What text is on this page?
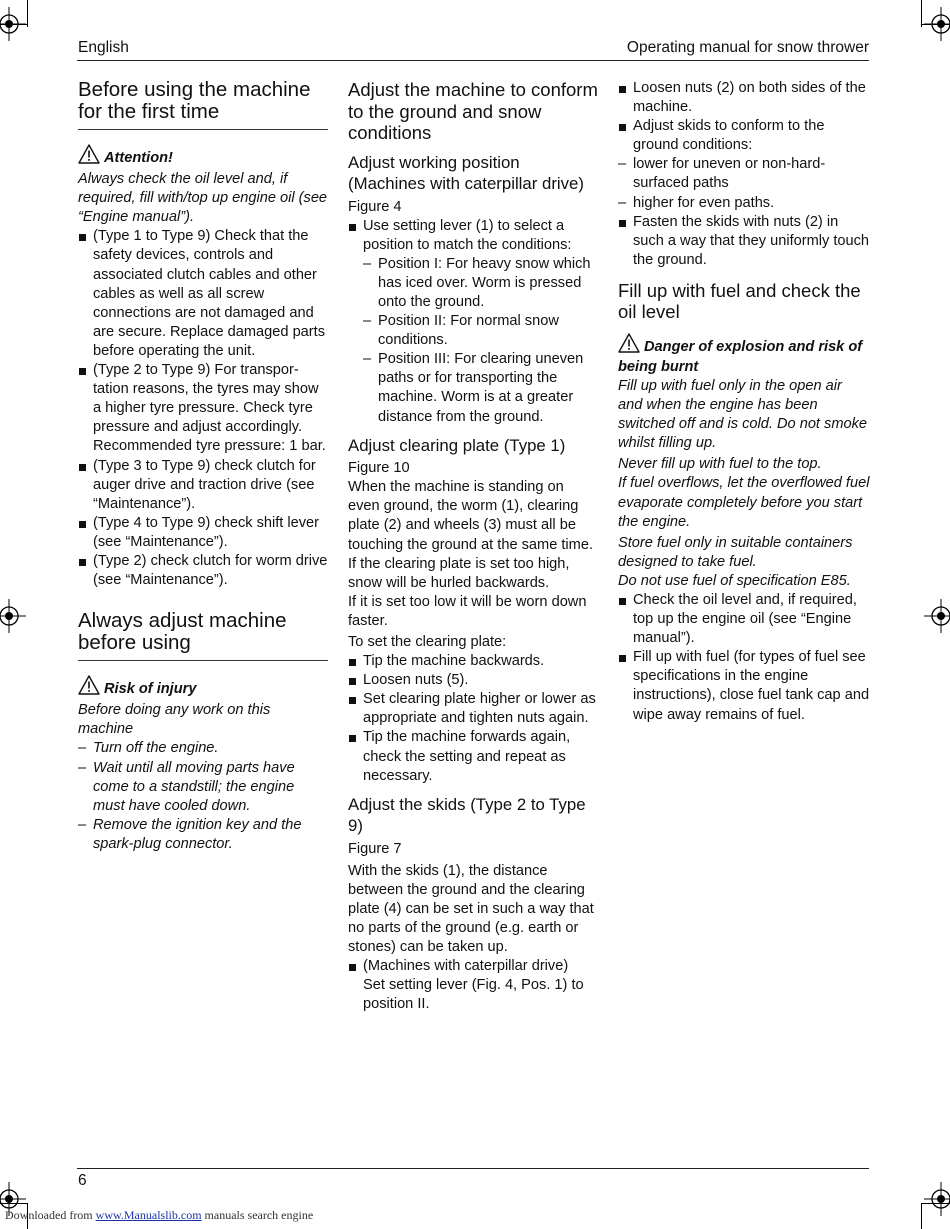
English	Operating manual for snow thrower
Before using the machine for the first time

Attention!

Always check the oil level and, if required, fill with/top up engine oil (see “Engine manual”).

(Type 1 to Type 9) Check that the safety devices, controls and associated clutch cables and other cables as well as all screw connections are not damaged and are secure. Replace damaged parts before operating the unit.
(Type 2 to Type 9) For transpor-tation reasons, the tyres may show a higher tyre pressure. Check tyre pressure and adjust accordingly. Recommended tyre pressure: 1 bar.
(Type 3 to Type 9) check clutch for auger drive and traction drive (see “Maintenance”).
(Type 4 to Type 9) check shift lever (see “Maintenance”).
(Type 2) check clutch for worm drive (see “Maintenance”).
Always adjust machine before using

Risk of injury

Before doing any work on this machine

– Turn off the engine.
– Wait until all moving parts have come to a standstill; the engine must have cooled down.
– Remove the ignition key and the spark-plug connector.
Adjust the machine to conform to the ground and snow conditions
Adjust working position (Machines with caterpillar drive)

Figure 4

Use setting lever (1) to select a position to match the conditions:
– Position I: For heavy snow which has iced over. Worm is pressed onto the ground.
– Position II: For normal snow conditions.
– Position III: For clearing uneven paths or for transporting the machine. Worm is at a greater distance from the ground.
Adjust clearing plate (Type 1)

Figure 10

When the machine is standing on even ground, the worm (1), clearing plate (2) and wheels (3) must all be touching the ground at the same time. If the clearing plate is set too high, snow will be hurled backwards.

If it is set too low it will be worn down faster.

To set the clearing plate:

Tip the machine backwards.
Loosen nuts (5).
Set clearing plate higher or lower as appropriate and tighten nuts again.
Tip the machine forwards again, check the setting and repeat as necessary.
Adjust the skids (Type 2 to Type 9)

Figure 7

With the skids (1), the distance between the ground and the clearing plate (4) can be set in such a way that no parts of the ground (e.g. earth or stones) can be taken up.

(Machines with caterpillar drive)
Set setting lever (Fig. 4, Pos. 1) to position II.
Loosen nuts (2) on both sides of the machine.
Adjust skids to conform to the ground conditions:
– lower for uneven or non-hard-surfaced paths
– higher for even paths.
Fasten the skids with nuts (2) in such a way that they uniformly touch the ground.
Fill up with fuel and check the oil level

Danger of explosion and risk of being burnt

Fill up with fuel only in the open air and when the engine has been switched off and is cold. Do not smoke whilst filling up.

Never fill up with fuel to the top.

If fuel overflows, let the overflowed fuel evaporate completely before you start the engine.

Store fuel only in suitable containers designed to take fuel.

Do not use fuel of specification E85.

Check the oil level and, if required, top up the engine oil (see “Engine manual”).
Fill up with fuel (for types of fuel see specifications in the engine instructions), close fuel tank cap and wipe away remains of fuel.
6
Downloaded from www.Manualslib.com manuals search engine
